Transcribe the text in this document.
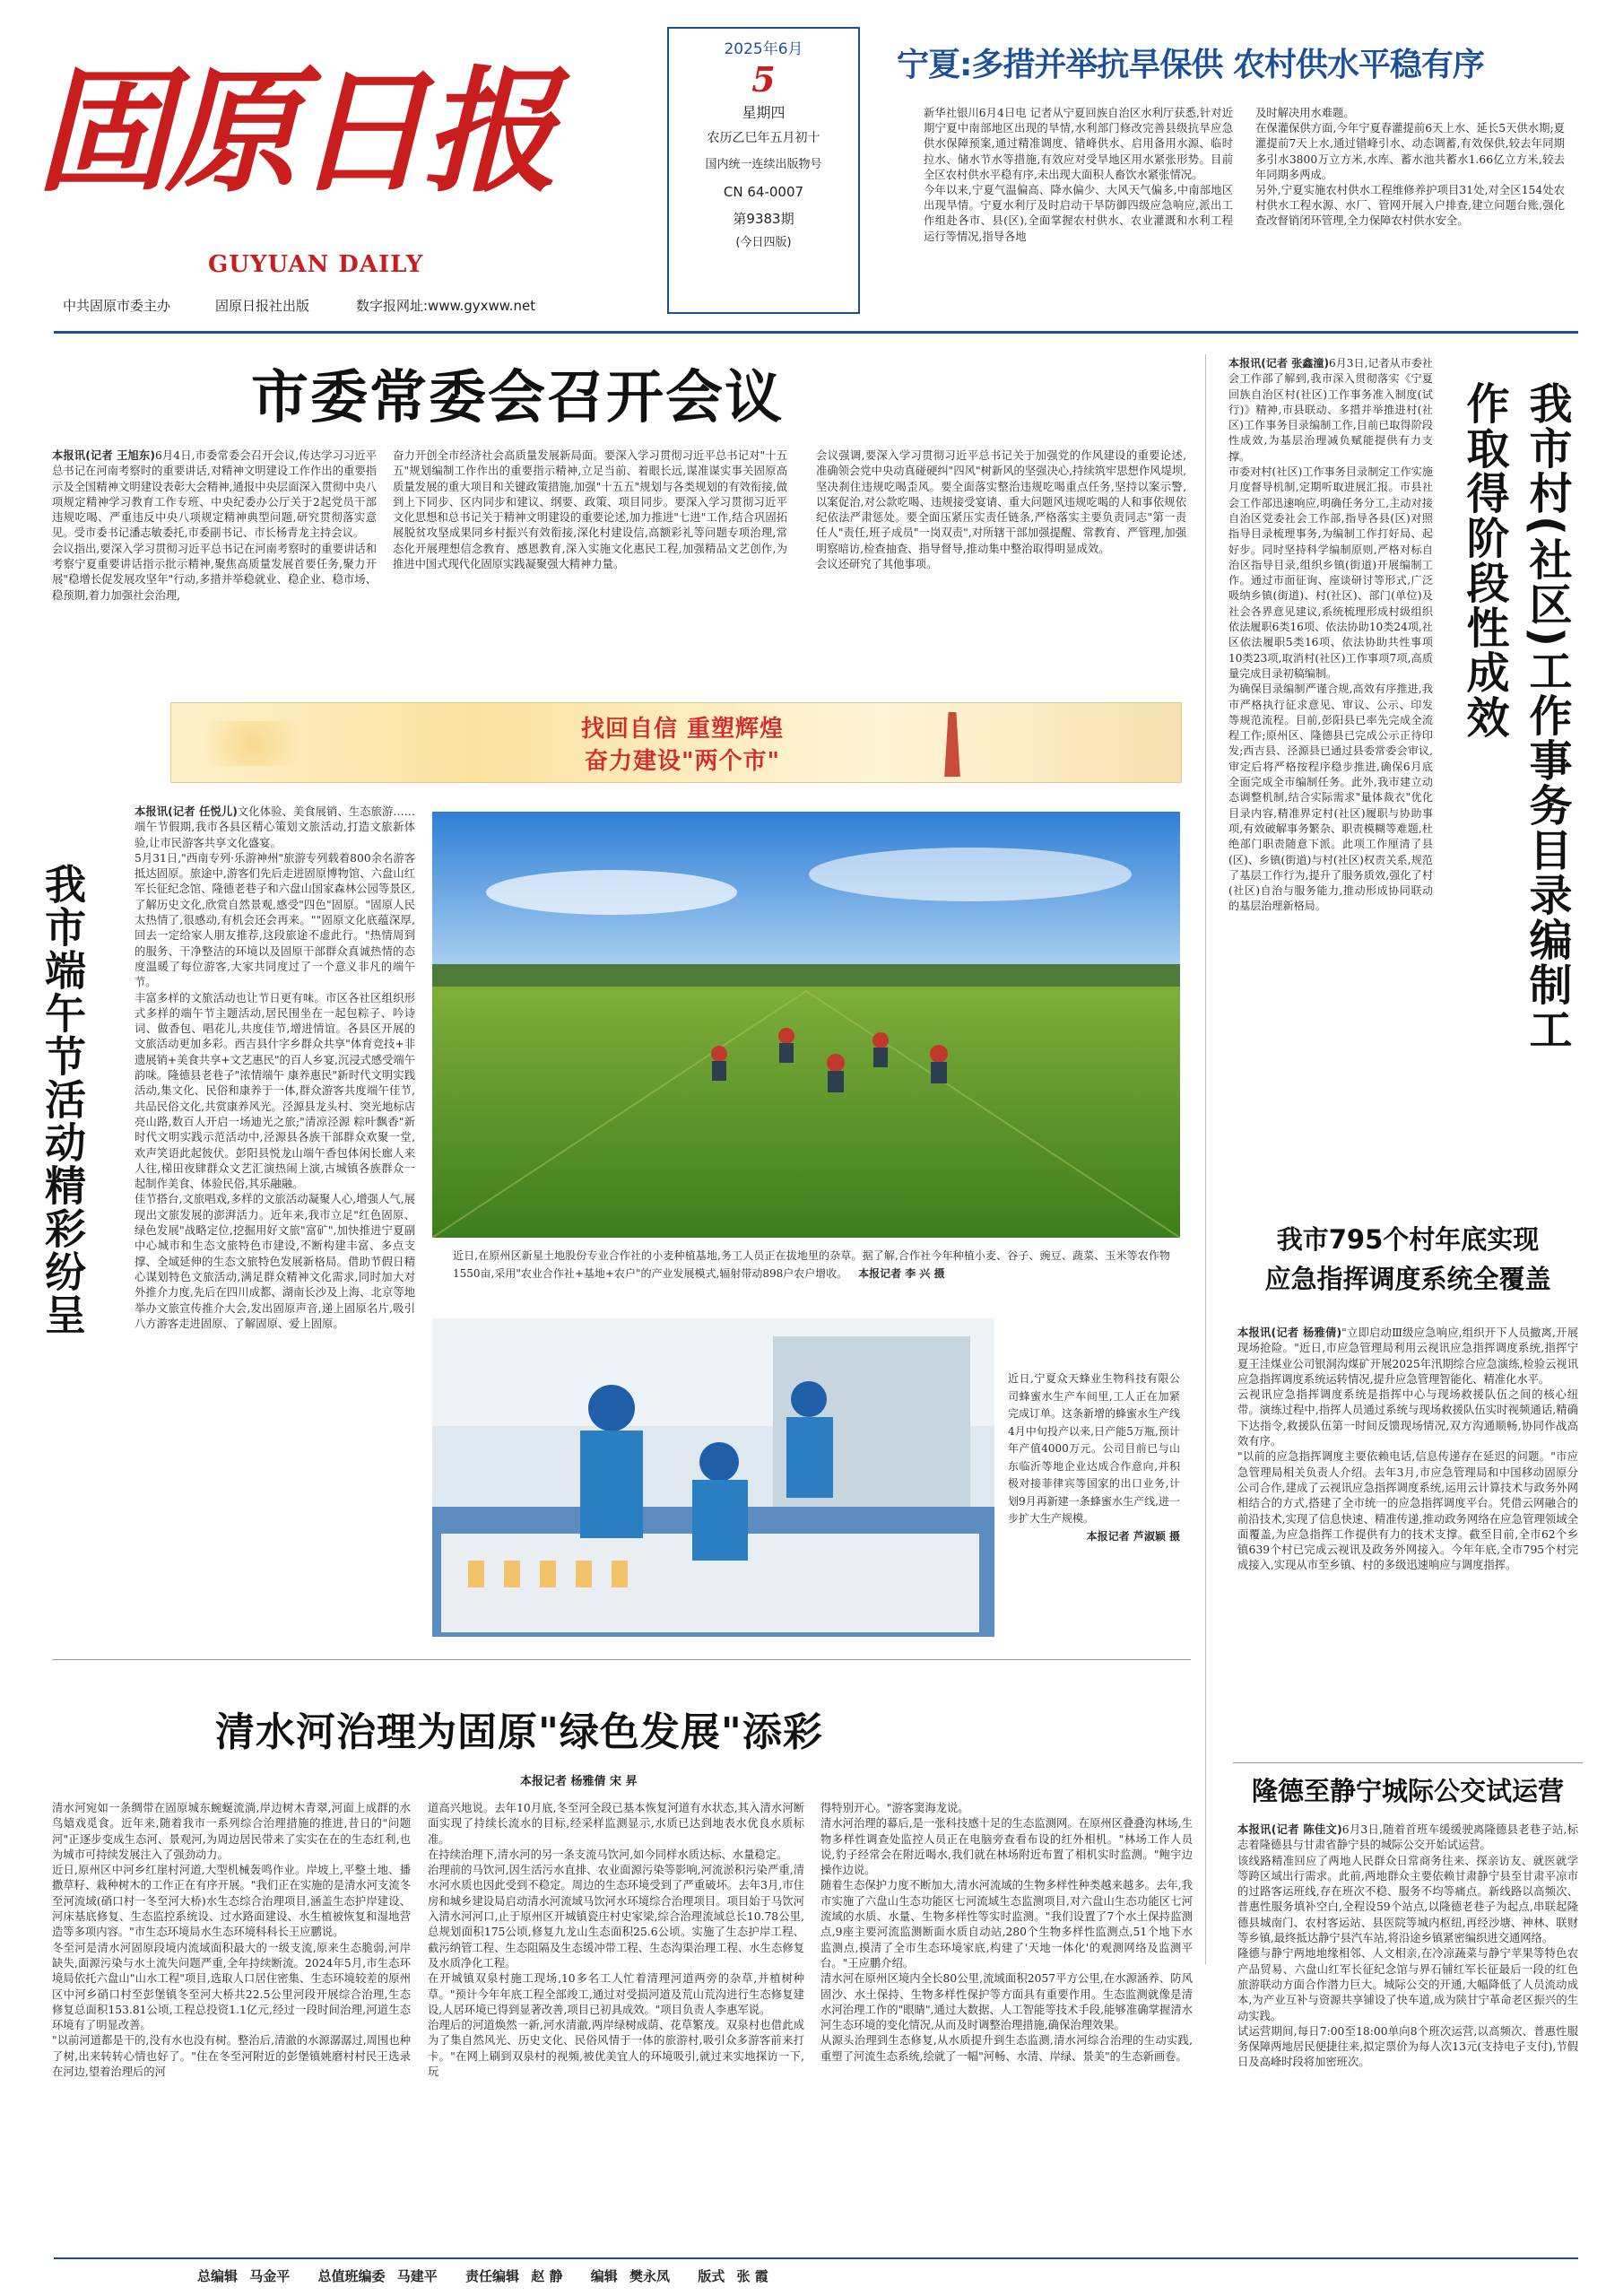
固原日报
GUYUAN DAILY
中共固原市委主办	固原日报社出版	数字报网址:www.gyxww.net
2025年6月
5
星期四
农历乙巳年五月初十
国内统一连续出版物号
CN 64-0007
第9383期
(今日四版)
宁夏:多措并举抗旱保供 农村供水平稳有序
新华社银川6月4日电 记者从宁夏回族自治区水利厅获悉,针对近期宁夏中南部地区出现的旱情,水利部门修改完善县级抗旱应急供水保障预案,通过精准调度、错峰供水、启用备用水源、临时拉水、储水节水等措施,有效应对受旱地区用水紧张形势。目前全区农村供水平稳有序,未出现大面积人畜饮水紧张情况。
今年以来,宁夏气温偏高、降水偏少、大风天气偏多,中南部地区出现旱情。宁夏水利厅及时启动干旱防御四级应急响应,派出工作组赴各市、县(区),全面掌握农村供水、农业灌溉和水利工程运行等情况,指导各地
及时解决用水难题。
在保灌保供方面,今年宁夏春灌提前6天上水、延长5天供水期;夏灌提前7天上水,通过错峰引水、动态调蓄,有效保供,较去年同期多引水3800万立方米,水库、蓄水池共蓄水1.66亿立方米,较去年同期多两成。
另外,宁夏实施农村供水工程维修养护项目31处,对全区154处农村供水工程水源、水厂、管网开展入户排查,建立问题台账,强化查改督销闭环管理,全力保障农村供水安全。
市委常委会召开会议
本报讯(记者 王旭东)6月4日,市委常委会召开会议,传达学习习近平总书记在河南考察时的重要讲话,对精神文明建设工作作出的重要指示及全国精神文明建设表彰大会精神,通报中央层面深入贯彻中央八项规定精神学习教育工作专班、中央纪委办公厅关于2起党员干部违规吃喝、严重违反中央八项规定精神典型问题,研究贯彻落实意见。受市委书记潘志敏委托,市委副书记、市长杨青龙主持会议。
会议指出,要深入学习贯彻习近平总书记在河南考察时的重要讲话和考察宁夏重要讲话指示批示精神,聚焦高质量发展首要任务,聚力开展"稳增长促发展攻坚年"行动,多措并举稳就业、稳企业、稳市场、稳预期,着力加强社会治理,
奋力开创全市经济社会高质量发展新局面。要深入学习贯彻习近平总书记对"十五五"规划编制工作作出的重要指示精神,立足当前、着眼长远,谋准谋实事关固原高质量发展的重大项目和关键政策措施,加强"十五五"规划与各类规划的有效衔接,做到上下同步、区内同步和建议、纲要、政策、项目同步。要深入学习贯彻习近平文化思想和总书记关于精神文明建设的重要论述,加力推进"七进"工作,结合巩固拓展脱贫攻坚成果同乡村振兴有效衔接,深化村建设信,高额彩礼等问题专项治理,常态化开展理想信念教育、感恩教育,深入实施文化惠民工程,加强精品文艺创作,为推进中国式现代化固原实践凝聚强大精神力量。
会议强调,要深入学习贯彻习近平总书记关于加强党的作风建设的重要论述,准确领会党中央动真碰硬纠"四风"树新风的坚强决心,持续筑牢思想作风堤坝,坚决刹住违规吃喝歪风。要全面落实整治违规吃喝重点任务,坚持以案示警,以案促治,对公款吃喝、违规接受宴请、重大问题风违规吃喝的人和事依规依纪依法严肃惩处。要全面压紧压实责任链条,严格落实主要负责同志"第一责任人"责任,班子成员"一岗双责",对所辖干部加强提醒、常教育、严管理,加强明察暗访,检查抽查、指导督导,推动集中整治取得明显成效。
会议还研究了其他事项。
找回自信 重塑辉煌
奋力建设"两个市"
我市端午节活动精彩纷呈
本报讯(记者 任悦儿)文化体验、美食展销、生态旅游……端午节假期,我市各县区精心策划文旅活动,打造文旅新体验,让市民游客共享文化盛宴。
5月31日,"西南专列·乐游神州"旅游专列载着800余名游客抵达固原。旅途中,游客们先后走进固原博物馆、六盘山红军长征纪念馆、隆德老巷子和六盘山国家森林公园等景区,了解历史文化,欣赏自然景观,感受"四色"固原。"固原人民太热情了,很感动,有机会还会再来。""固原文化底蕴深厚,回去一定给家人朋友推荐,这段旅途不虚此行。"热情周到的服务、干净整洁的环境以及固原干部群众真诚热情的态度温暖了每位游客,大家共同度过了一个意义非凡的端午节。
丰富多样的文旅活动也让节日更有味。市区各社区组织形式多样的端午节主题活动,居民围坐在一起包粽子、吟诗词、做香包、唱花儿,共度佳节,增进情谊。各县区开展的文旅活动更加多彩。西吉县什字乡群众共享"体育竞技+非遗展销+美食共享+文艺惠民"的百人乡宴,沉浸式感受端午韵味。隆德县老巷子"浓情端午 康养惠民"新时代文明实践活动,集文化、民俗和康养于一体,群众游客共度端午佳节,共品民俗文化,共赏康养风光。泾源县龙头村、突光地标店亮山路,数百人开启一场迪光之旅;"清凉泾源 粽叶飘香"新时代文明实践示范活动中,泾源县各族干部群众欢聚一堂,欢声笑语此起彼伏。彭阳县悦龙山端午香包体闲长廊人来人往,梯田夜肆群众文艺汇演热闹上演,古城镇各族群众一起制作美食、体验民俗,其乐融融。
佳节搭台,文旅唱戏,多样的文旅活动凝聚人心,增强人气,展现出文旅发展的澎湃活力。近年来,我市立足"红色固原、绿色发展"战略定位,挖掘用好文旅"富矿",加快推进宁夏副中心城市和生态文旅特色市建设,不断构建丰富、多点支撑、全域延伸的生态文旅特色发展新格局。借助节假日精心谋划特色文旅活动,满足群众精神文化需求,同时加大对外推介力度,先后在四川成都、湖南长沙及上海、北京等地举办文旅宣传推介大会,发出固原声音,递上固原名片,吸引八方游客走进固原、了解固原、爱上固原。
近日,在原州区新星土地股份专业合作社的小麦种植基地,务工人员正在拔地里的杂草。据了解,合作社今年种植小麦、谷子、豌豆、蔬菜、玉米等农作物1550亩,采用"农业合作社+基地+农户"的产业发展模式,辐射带动898户农户增收。 本报记者 李 兴 摄
近日,宁夏众天蜂业生物科技有限公司蜂蜜水生产车间里,工人正在加紧完成订单。这条新增的蜂蜜水生产线4月中旬投产以来,日产能5万瓶,预计年产值4000万元。公司目前已与山东临沂等地企业达成合作意向,并积极对接菲律宾等国家的出口业务,计划9月再新建一条蜂蜜水生产线,进一步扩大生产规模。
本报记者 芦淑颖 摄
我市村(社区)工作事务目录编制工作取得阶段性成效
本报讯(记者 张鑫潼)6月3日,记者从市委社会工作部了解到,我市深入贯彻落实《宁夏回族自治区村(社区)工作事务准入制度(试行)》精神,市县联动、多措并举推进村(社区)工作事务目录编制工作,目前已取得阶段性成效,为基层治理减负赋能提供有力支撑。
市委对村(社区)工作事务目录制定工作实施月度督导机制,定期听取进展汇报。市县社会工作部迅速响应,明确任务分工,主动对接自治区党委社会工作部,指导各县(区)对照指导目录梳理事务,为编制工作打好局、起好步。同时坚持科学编制原则,严格对标自治区指导目录,组织乡镇(街道)开展编制工作。通过市面征询、座谈研讨等形式,广泛吸纳乡镇(街道)、村(社区)、部门(单位)及社会各界意见建议,系统梳理形成村级组织依法履职6类16项、依法协助10类24项,社区依法履职5类16项、依法协助共性事项10类23项,取消村(社区)工作事项7项,高质量完成目录初稿编制。
为确保目录编制严谨合规,高效有序推进,我市严格执行征求意见、审议、公示、印发等规范流程。目前,彭阳县已率先完成全流程工作;原州区、隆德县已完成公示正待印发;西吉县、泾源县已通过县委常委会审议,审定后将严格按程序稳步推进,确保6月底全面完成全市编制任务。此外,我市建立动态调整机制,结合实际需求"量体裁衣"优化目录内容,精准界定村(社区)履职与协助事项,有效破解事务繁杂、职责模糊等难题,杜绝部门职责随意下派。此项工作厘清了县(区)、乡镇(街道)与村(社区)权责关系,规范了基层工作行为,提升了服务质效,强化了村(社区)自治与服务能力,推动形成协同联动的基层治理新格局。
我市795个村年底实现
应急指挥调度系统全覆盖
本报讯(记者 杨雅倩)"立即启动Ⅲ级应急响应,组织开下人员撤离,开展现场抢险。"近日,市应急管理局利用云视讯应急指挥调度系统,指挥宁夏王洼煤业公司银洞沟煤矿开展2025年汛期综合应急演练,检验云视讯应急指挥调度系统运转情况,提升应急管理智能化、精准化水平。
云视讯应急指挥调度系统是指挥中心与现场救援队伍之间的核心纽带。演练过程中,指挥人员通过系统与现场救援队伍实时视频通话,精确下达指令,救援队伍第一时间反馈现场情况,双方沟通顺畅,协同作战高效有序。
"以前的应急指挥调度主要依赖电话,信息传递存在延迟的问题。"市应急管理局相关负责人介绍。去年3月,市应急管理局和中国移动固原分公司合作,建成了云视讯应急指挥调度系统,运用云计算技术与政务外网相结合的方式,搭建了全市统一的应急指挥调度平台。凭借云网融合的前沿技术,实现了信息快速、精准传递,推动政务网络在应急管理领域全面覆盖,为应急指挥工作提供有力的技术支撑。截至目前,全市62个乡镇639个村已完成云视讯及政务外网接入。今年年底,全市795个村完成接入,实现从市至乡镇、村的多级迅速响应与调度指挥。
隆德至静宁城际公交试运营
本报讯(记者 陈佳文)6月3日,随着首班车缓缓驶离隆德县老巷子站,标志着隆德县与甘肃省静宁县的城际公交开始试运营。
该线路精准回应了两地人民群众日常商务往来、探亲访友、就医就学等跨区域出行需求。此前,两地群众主要依赖甘肃静宁县至甘肃平凉市的过路客运班线,存在班次不稳、服务不均等痛点。新线路以高频次、普惠性服务填补空白,全程设59个站点,以隆德老巷子为起点,串联起隆德县城南门、农村客运站、县医院等城内枢纽,再经沙塘、神林、联财等乡镇,最终抵达静宁县汽车站,将沿途乡镇紧密编织进交通网络。
隆德与静宁两地地缘相邻、人文相亲,在冷凉蔬菜与静宁苹果等特色农产品贸易、六盘山红军长征纪念馆与界石铺红军长征最后一段的红色旅游联动方面合作潜力巨大。城际公交的开通,大幅降低了人员流动成本,为产业互补与资源共享铺设了快车道,成为陕甘宁革命老区振兴的生动实践。
试运营期间,每日7:00至18:00单向8个班次运营,以高频次、普惠性服务保障两地居民便捷往来,拟定票价为每人次13元(支持电子支付),节假日及高峰时段将加密班次。
清水河治理为固原"绿色发展"添彩
本报记者 杨雅倩 宋 昇
清水河宛如一条绸带在固原城东蜿蜒流淌,岸边树木青翠,河面上成群的水鸟嬉戏觅食。近年来,随着我市一系列综合治理措施的推进,昔日的"问题河"正逐步变成生态河、景观河,为周边居民带来了实实在在的生态红利,也为城市可持续发展注入了强劲动力。
近日,原州区中河乡红崖村河道,大型机械轰鸣作业。岸坡上,平整土地、播撒草籽、栽种树木的工作正在有序开展。"我们正在实施的是清水河支流冬至河流域(硝口村一冬至河大桥)水生态综合治理项目,涵盖生态护岸建设、河床基底修复、生态监控系统设、过水路面建设、水生植被恢复和湿地营造等多项内容。"市生态环境局水生态环境科科长王应鹏说。
冬至河是清水河固原段境内流域面积最大的一级支流,原来生态脆弱,河岸缺失,面源污染与水土流失问题严重,全年持续断流。2024年5月,市生态环境局依托六盘山"山水工程"项目,选取人口居住密集、生态环境较差的原州区中河乡硝口村至彭堡镇冬至河大桥共22.5公里河段开展综合治理,生态修复总面积153.81公顷,工程总投资1.1亿元,经过一段时间治理,河道生态环境有了明显改善。
"以前河道都是干的,没有水也没有树。整治后,清澈的水源潺潺过,周围也种了树,出来转转心情也好了。"住在冬至河附近的彭堡镇姚磨村村民王选录在河边,望着治理后的河
道高兴地说。去年10月底,冬至河全段已基本恢复河道有水状态,其入清水河断面实现了持续长流水的目标,经采样监测显示,水质已达到地表水优良水质标准。
在持续治理下,清水河的另一条支流马饮河,如今同样水质达标、水量稳定。
治理前的马饮河,因生活污水直排、农业面源污染等影响,河流淤积污染严重,清水河水质也因此受到不稳定。周边的生态环境受到了严重破坏。去年3月,市住房和城乡建设局启动清水河流域马饮河水环境综合治理项目。项目始于马饮河入清水河河口,止于原州区开城镇瓷庄村史家梁,综合治理流域总长10.78公里,总规划面积175公顷,修复九龙山生态面积25.6公顷。实施了生态护岸工程、截污纳管工程、生态阻隔及生态缓冲带工程、生态沟渠治理工程、水生态修复及水质净化工程。
在开城镇双泉村施工现场,10多名工人忙着清理河道两旁的杂草,并植树种草。"预计今年年底工程全部竣工,通过对受损河道及荒山荒沟进行生态修复建设,人居环境已得到显著改善,项目已初具成效。"项目负责人李惠军说。
治理后的河道焕然一新,河水清澈,两岸绿树成荫、花草繁茂。双泉村也借此成为了集自然风光、历史文化、民俗风情于一体的旅游村,吸引众多游客前来打卡。"在网上刷到双泉村的视频,被优美宜人的环境吸引,就过来实地探访一下,玩
得特别开心。"游客窦海龙说。
清水河治理的幕后,是一张科技感十足的生态监测网。在原州区叠叠沟林场,生物多样性调查处监控人员正在电脑旁查看布设的红外相机。"林场工作人员说,豹子经常会在附近喝水,我们就在林场附近布置了相机实时监测。"鲍宇边操作边说。
随着生态保护力度不断加大,清水河流域的生物多样性种类越来越多。去年,我市实施了六盘山生态功能区七河流域生态监测项目,对六盘山生态功能区七河流域的水质、水量、生物多样性等实时监测。"我们设置了7个水土保持监测点,9座主要河流监测断面水质自动站,280个生物多样性监测点,51个地下水监测点,摸清了全市生态环境家底,构建了'天地一体化'的观测网络及监测平台。"王应鹏介绍。
清水河在原州区境内全长80公里,流域面积2057平方公里,在水源涵养、防风固沙、水土保持、生物多样性保护等方面具有重要作用。生态监测就像是清水河治理工作的"眼睛",通过大数据、人工智能等技术手段,能够准确掌握清水河生态环境的变化情况,从而及时调整治理措施,确保治理效果。
从源头治理到生态修复,从水质提升到生态监测,清水河综合治理的生动实践,重塑了河流生态系统,绘就了一幅"河畅、水清、岸绿、景美"的生态新画卷。
总编辑 马金平 总值班编委 马建平 责任编辑 赵 静 编辑 樊永凤 版式 张 霞
